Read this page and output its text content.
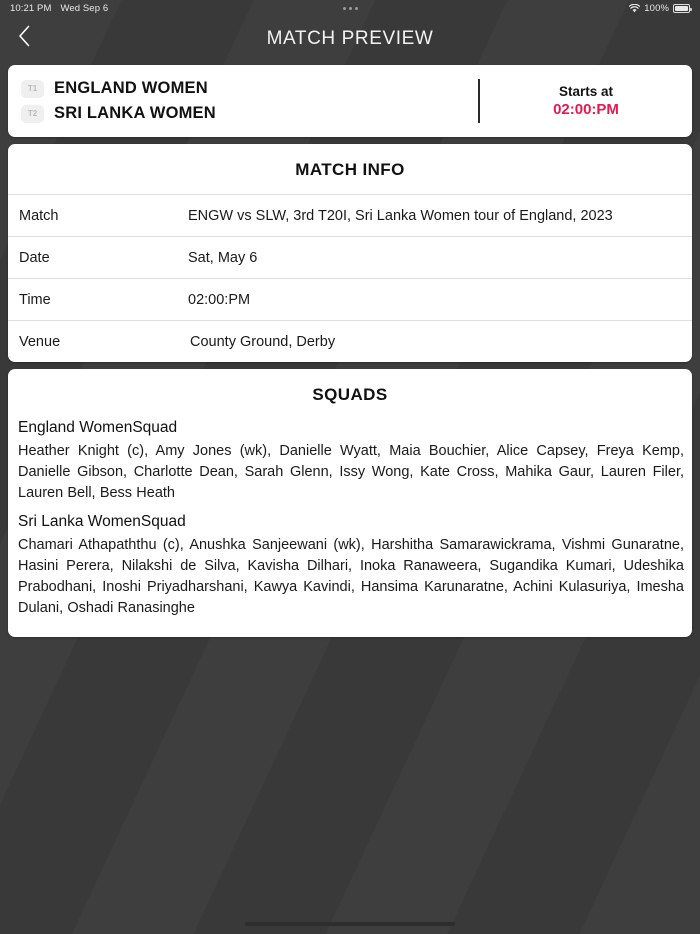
10:21 PM Wed Sep 6	100%
MATCH PREVIEW
T1	ENGLAND WOMEN
T2	SRI LANKA WOMEN
Starts at
02:00:PM
MATCH INFO
Match	ENGW vs SLW, 3rd T20I, Sri Lanka Women tour of England, 2023
Date	Sat, May 6
Time	02:00:PM
Venue	County Ground, Derby
SQUADS
England WomenSquad
Heather Knight (c), Amy Jones (wk), Danielle Wyatt, Maia Bouchier, Alice Capsey, Freya Kemp, Danielle Gibson, Charlotte Dean, Sarah Glenn, Issy Wong, Kate Cross, Mahika Gaur, Lauren Filer, Lauren Bell, Bess Heath
Sri Lanka WomenSquad
Chamari Athapaththu (c), Anushka Sanjeewani (wk), Harshitha Samarawickrama, Vishmi Gunaratne, Hasini Perera, Nilakshi de Silva, Kavisha Dilhari, Inoka Ranaweera, Sugandika Kumari, Udeshika Prabodhani, Inoshi Priyadharshani, Kawya Kavindi, Hansima Karunaratne, Achini Kulasuriya, Imesha Dulani, Oshadi Ranasinghe
